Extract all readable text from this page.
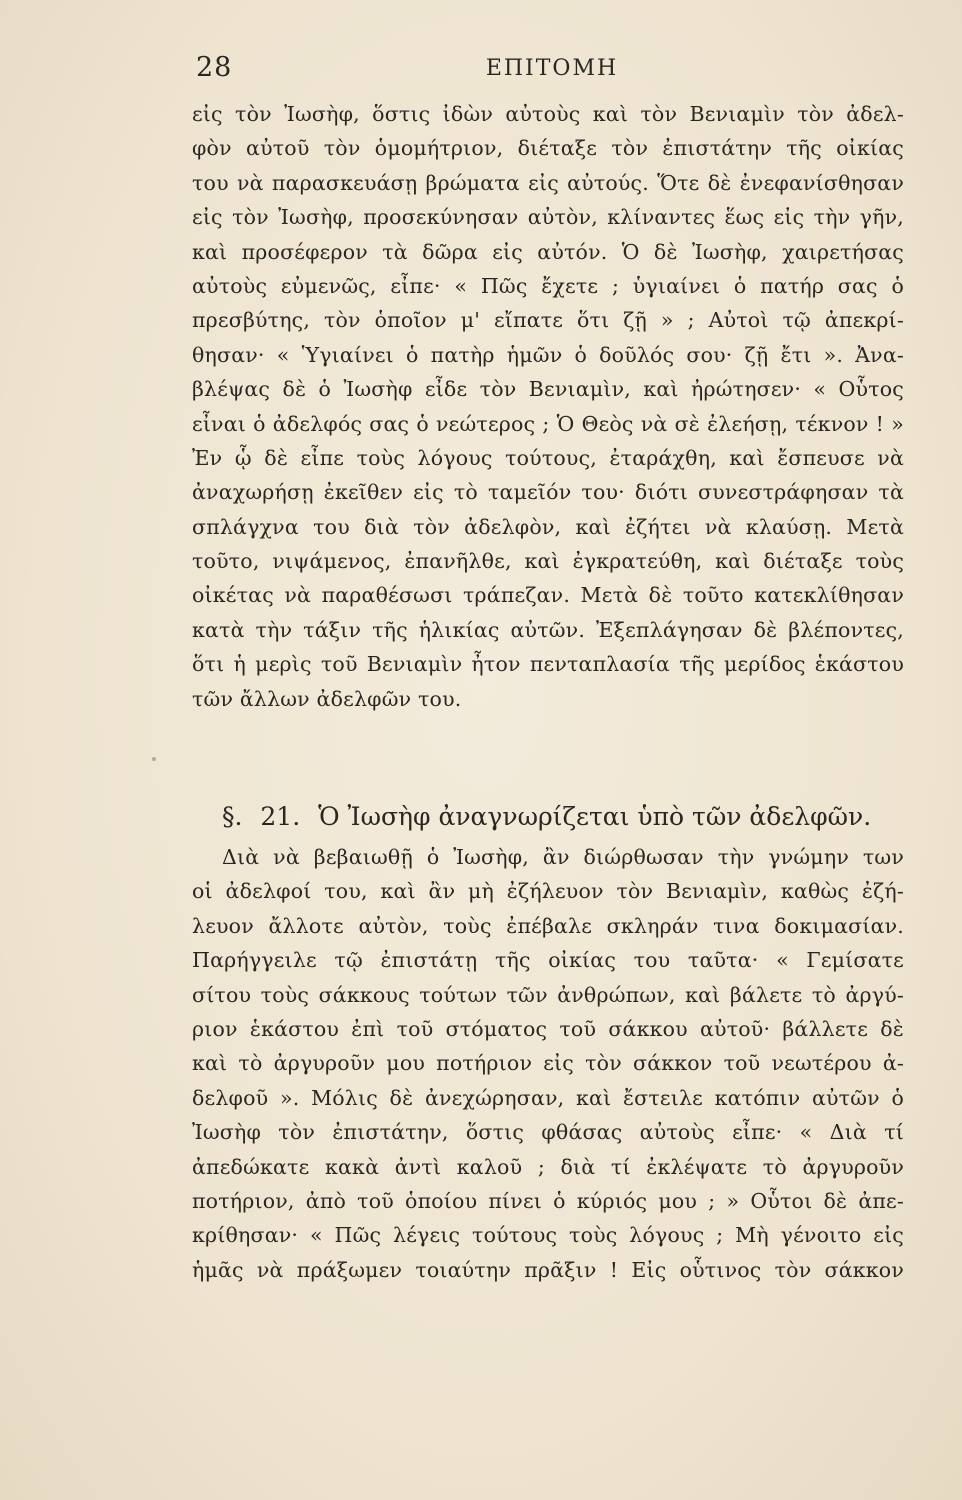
28	ΕΠΙΤΟΜΗ
εἰς τὸν Ἰωσὴφ, ὅστις ἰδὼν αὐτοὺς καὶ τὸν Βενιαμὶν τὸν ἀδελ-
φὸν αὐτοῦ τὸν ὁμομήτριον, διέταξε τὸν ἐπιστάτην τῆς οἰκίας
του νὰ παρασκευάσῃ βρώματα εἰς αὐτούς. Ὅτε δὲ ἐνεφανίσθησαν
εἰς τὸν Ἰωσὴφ, προσεκύνησαν αὐτὸν, κλίναντες ἕως εἰς τὴν γῆν,
καὶ προσέφερον τὰ δῶρα εἰς αὐτόν. Ὁ δὲ Ἰωσὴφ, χαιρετήσας
αὐτοὺς εὐμενῶς, εἶπε· « Πῶς ἔχετε ; ὑγιαίνει ὁ πατήρ σας ὁ
πρεσβύτης, τὸν ὁποῖον μ' εἴπατε ὅτι ζῇ » ; Αὐτοὶ τῷ ἀπεκρί-
θησαν· « Ὑγιαίνει ὁ πατὴρ ἡμῶν ὁ δοῦλός σου· ζῇ ἔτι ». Ἀνα-
βλέψας δὲ ὁ Ἰωσὴφ εἶδε τὸν Βενιαμὶν, καὶ ἠρώτησεν· « Οὗτος
εἶναι ὁ ἀδελφός σας ὁ νεώτερος ; Ὁ Θεὸς νὰ σὲ ἐλεήσῃ, τέκνον ! »
Ἐν ᾧ δὲ εἶπε τοὺς λόγους τούτους, ἐταράχθη, καὶ ἔσπευσε νὰ
ἀναχωρήσῃ ἐκεῖθεν εἰς τὸ ταμεῖόν του· διότι συνεστράφησαν τὰ
σπλάγχνα του διὰ τὸν ἀδελφὸν, καὶ ἐζήτει νὰ κλαύσῃ. Μετὰ
τοῦτο, νιψάμενος, ἐπανῆλθε, καὶ ἐγκρατεύθη, καὶ διέταξε τοὺς
οἰκέτας νὰ παραθέσωσι τράπεζαν. Μετὰ δὲ τοῦτο κατεκλίθησαν
κατὰ τὴν τάξιν τῆς ἡλικίας αὐτῶν. Ἐξεπλάγησαν δὲ βλέποντες,
ὅτι ἡ μερὶς τοῦ Βενιαμὶν ἦτον πενταπλασία τῆς μερίδος ἑκάστου
τῶν ἄλλων ἀδελφῶν του.
§. 21. Ὁ Ἰωσὴφ ἀναγνωρίζεται ὑπὸ τῶν ἀδελφῶν.
Διὰ νὰ βεβαιωθῇ ὁ Ἰωσὴφ, ἂν διώρθωσαν τὴν γνώμην των
οἱ ἀδελφοί του, καὶ ἂν μὴ ἐζήλευον τὸν Βενιαμὶν, καθὼς ἐζή-
λευον ἄλλοτε αὐτὸν, τοὺς ἐπέβαλε σκληράν τινα δοκιμασίαν.
Παρήγγειλε τῷ ἐπιστάτῃ τῆς οἰκίας του ταῦτα· « Γεμίσατε
σίτου τοὺς σάκκους τούτων τῶν ἀνθρώπων, καὶ βάλετε τὸ ἀργύ-
ριον ἑκάστου ἐπὶ τοῦ στόματος τοῦ σάκκου αὐτοῦ· βάλλετε δὲ
καὶ τὸ ἀργυροῦν μου ποτήριον εἰς τὸν σάκκον τοῦ νεωτέρου ἀ-
δελφοῦ ». Μόλις δὲ ἀνεχώρησαν, καὶ ἔστειλε κατόπιν αὐτῶν ὁ
Ἰωσὴφ τὸν ἐπιστάτην, ὅστις φθάσας αὐτοὺς εἶπε· « Διὰ τί
ἀπεδώκατε κακὰ ἀντὶ καλοῦ ; διὰ τί ἐκλέψατε τὸ ἀργυροῦν
ποτήριον, ἀπὸ τοῦ ὁποίου πίνει ὁ κύριός μου ; » Οὗτοι δὲ ἀπε-
κρίθησαν· « Πῶς λέγεις τούτους τοὺς λόγους ; Μὴ γένοιτο εἰς
ἡμᾶς νὰ πράξωμεν τοιαύτην πρᾶξιν ! Εἰς οὗτινος τὸν σάκκον
